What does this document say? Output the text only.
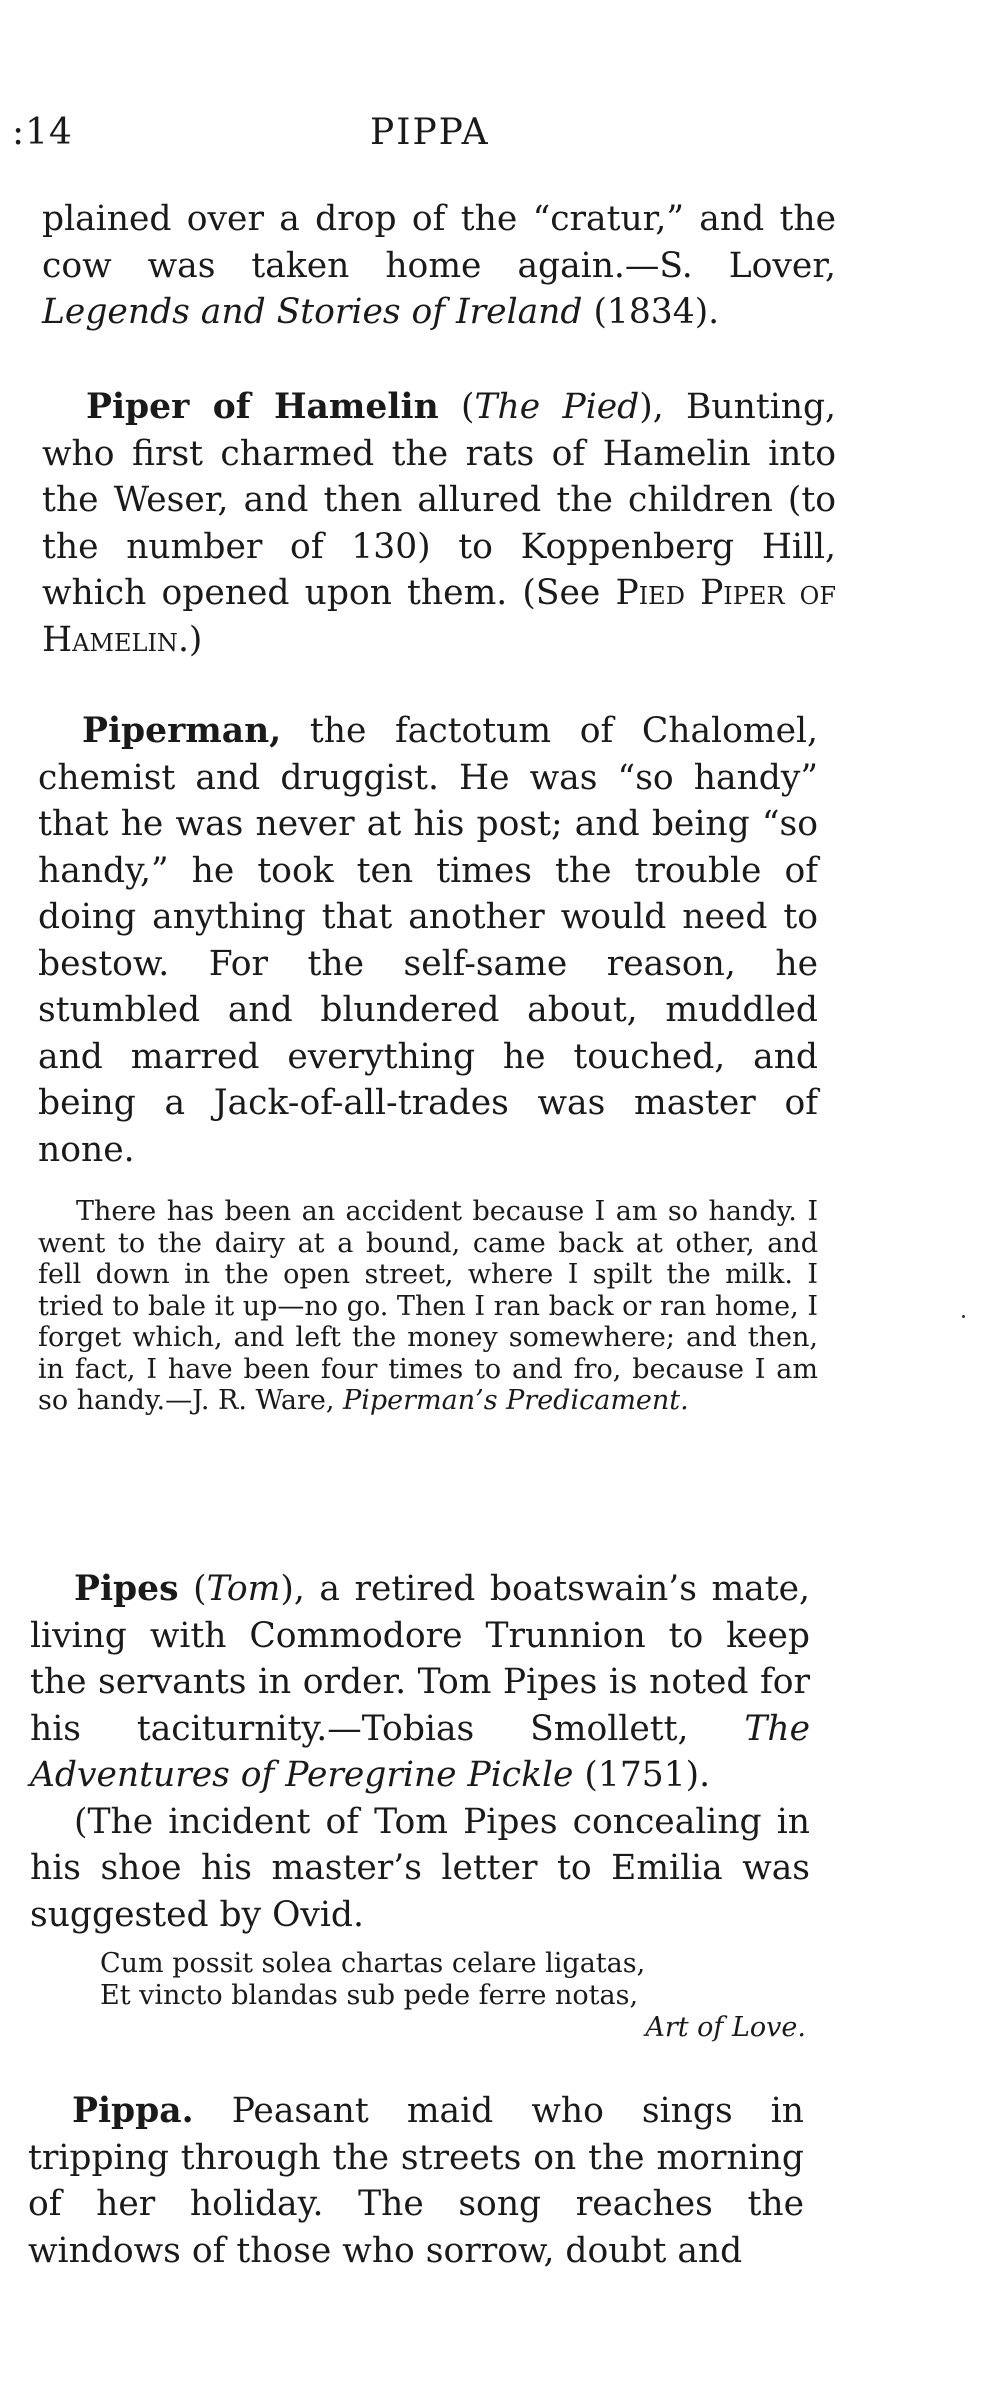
:14	PIPPA

plained over a drop of the “cratur,” and the cow was taken home again.—S. Lover, Legends and Stories of Ireland (1834).

Piper of Hamelin (The Pied), Bunting, who first charmed the rats of Hamelin into the Weser, and then allured the children (to the number of 130) to Koppenberg Hill, which opened upon them. (See Pied Piper of Hamelin.)

Piperman, the factotum of Chalomel, chemist and druggist. He was “so handy” that he was never at his post; and being “so handy,” he took ten times the trouble of doing anything that another would need to bestow. For the self-same reason, he stumbled and blundered about, muddled and marred everything he touched, and being a Jack-of-all-trades was master of none.

There has been an accident because I am so handy. I went to the dairy at a bound, came back at other, and fell down in the open street, where I spilt the milk. I tried to bale it up—no go. Then I ran back or ran home, I forget which, and left the money somewhere; and then, in fact, I have been four times to and fro, because I am so handy.—J. R. Ware, Piperman’s Predicament.

Pipes (Tom), a retired boatswain’s mate, living with Commodore Trunnion to keep the servants in order. Tom Pipes is noted for his taciturnity.—Tobias Smollett, The Adventures of Peregrine Pickle (1751).

(The incident of Tom Pipes concealing in his shoe his master’s letter to Emilia was suggested by Ovid.

Cum possit solea chartas celare ligatas,
Et vincto blandas sub pede ferre notas,
Art of Love.

Pippa. Peasant maid who sings in tripping through the streets on the morning of her holiday. The song reaches the windows of those who sorrow, doubt and
